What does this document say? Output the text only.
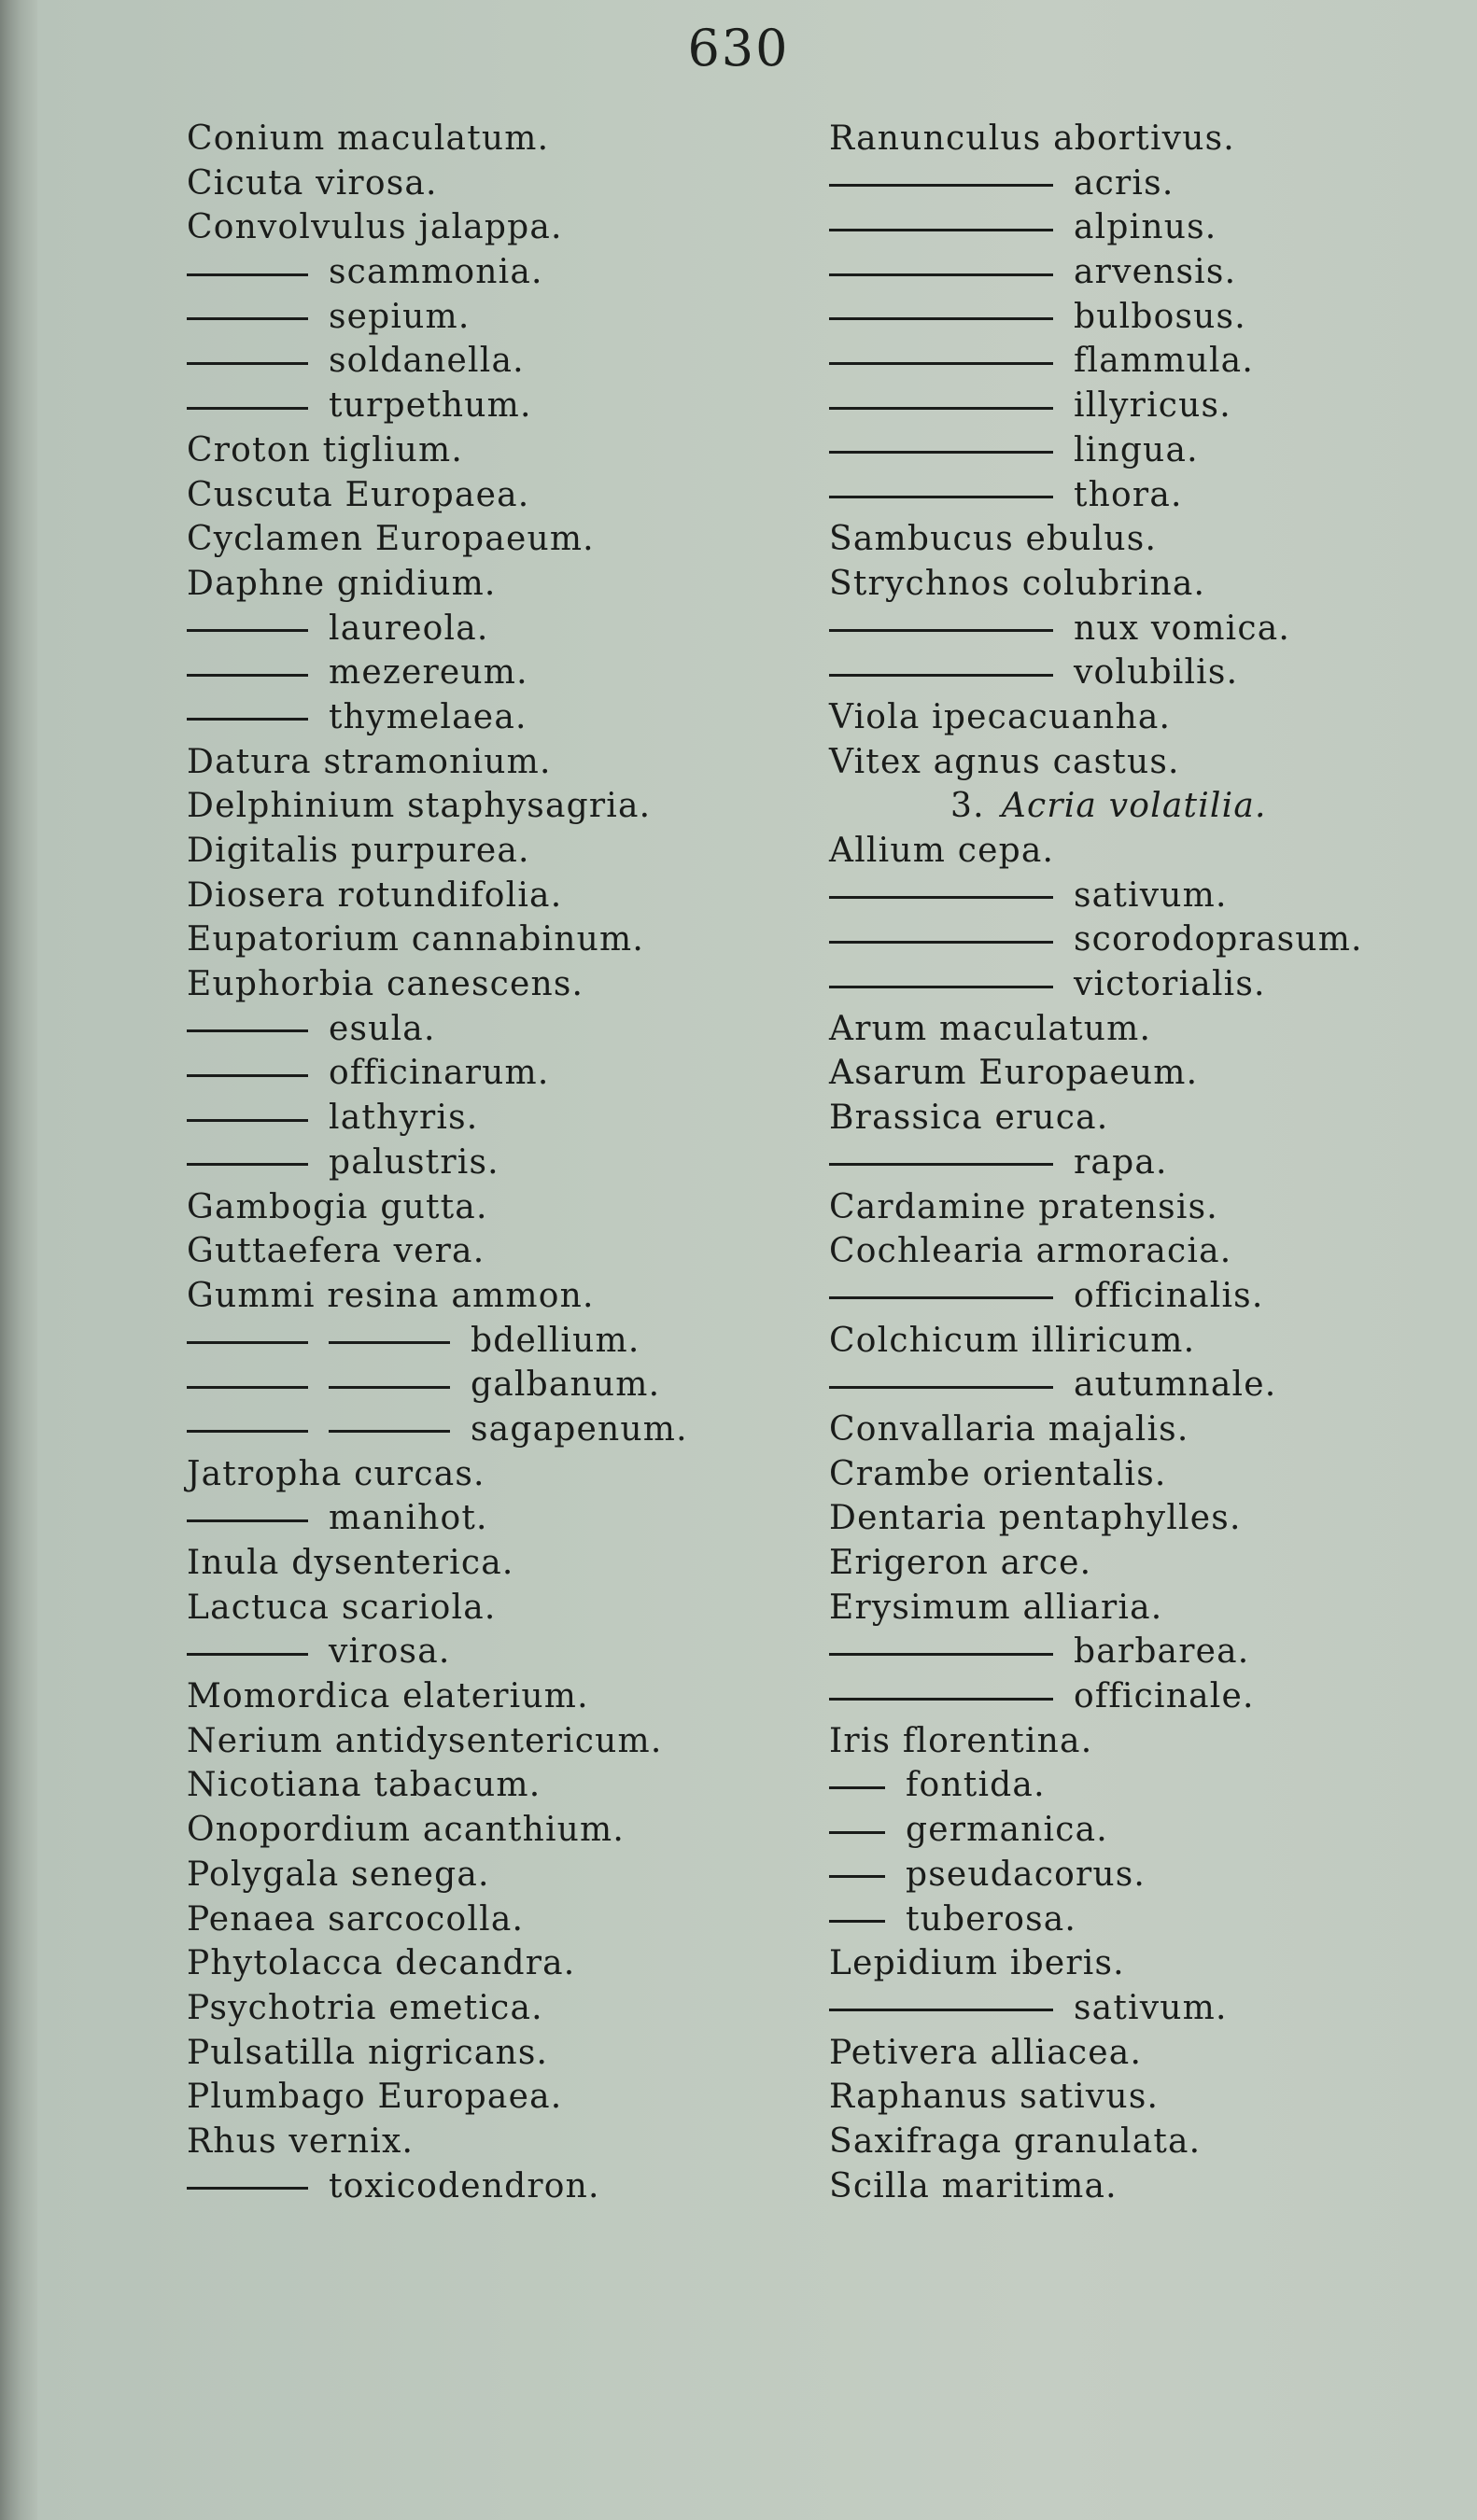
630
Conium maculatum.
Cicuta virosa.
Convolvulus jalappa.
scammonia.
sepium.
soldanella.
turpethum.
Croton tiglium.
Cuscuta Europaea.
Cyclamen Europaeum.
Daphne gnidium.
laureola.
mezereum.
thymelaea.
Datura stramonium.
Delphinium staphysagria.
Digitalis purpurea.
Diosera rotundifolia.
Eupatorium cannabinum.
Euphorbia canescens.
esula.
officinarum.
lathyris.
palustris.
Gambogia gutta.
Guttaefera vera.
Gummi resina ammon.
bdellium.
galbanum.
sagapenum.
Jatropha curcas.
manihot.
Inula dysenterica.
Lactuca scariola.
virosa.
Momordica elaterium.
Nerium antidysentericum.
Nicotiana tabacum.
Onopordium acanthium.
Polygala senega.
Penaea sarcocolla.
Phytolacca decandra.
Psychotria emetica.
Pulsatilla nigricans.
Plumbago Europaea.
Rhus vernix.
toxicodendron.
Ranunculus abortivus.
acris.
alpinus.
arvensis.
bulbosus.
flammula.
illyricus.
lingua.
thora.
Sambucus ebulus.
Strychnos colubrina.
nux vomica.
volubilis.
Viola ipecacuanha.
Vitex agnus castus.
3. Acria volatilia.
Allium cepa.
sativum.
scorodoprasum.
victorialis.
Arum maculatum.
Asarum Europaeum.
Brassica eruca.
rapa.
Cardamine pratensis.
Cochlearia armoracia.
officinalis.
Colchicum illiricum.
autumnale.
Convallaria majalis.
Crambe orientalis.
Dentaria pentaphylles.
Erigeron arce.
Erysimum alliaria.
barbarea.
officinale.
Iris florentina.
fontida.
germanica.
pseudacorus.
tuberosa.
Lepidium iberis.
sativum.
Petivera alliacea.
Raphanus sativus.
Saxifraga granulata.
Scilla maritima.
